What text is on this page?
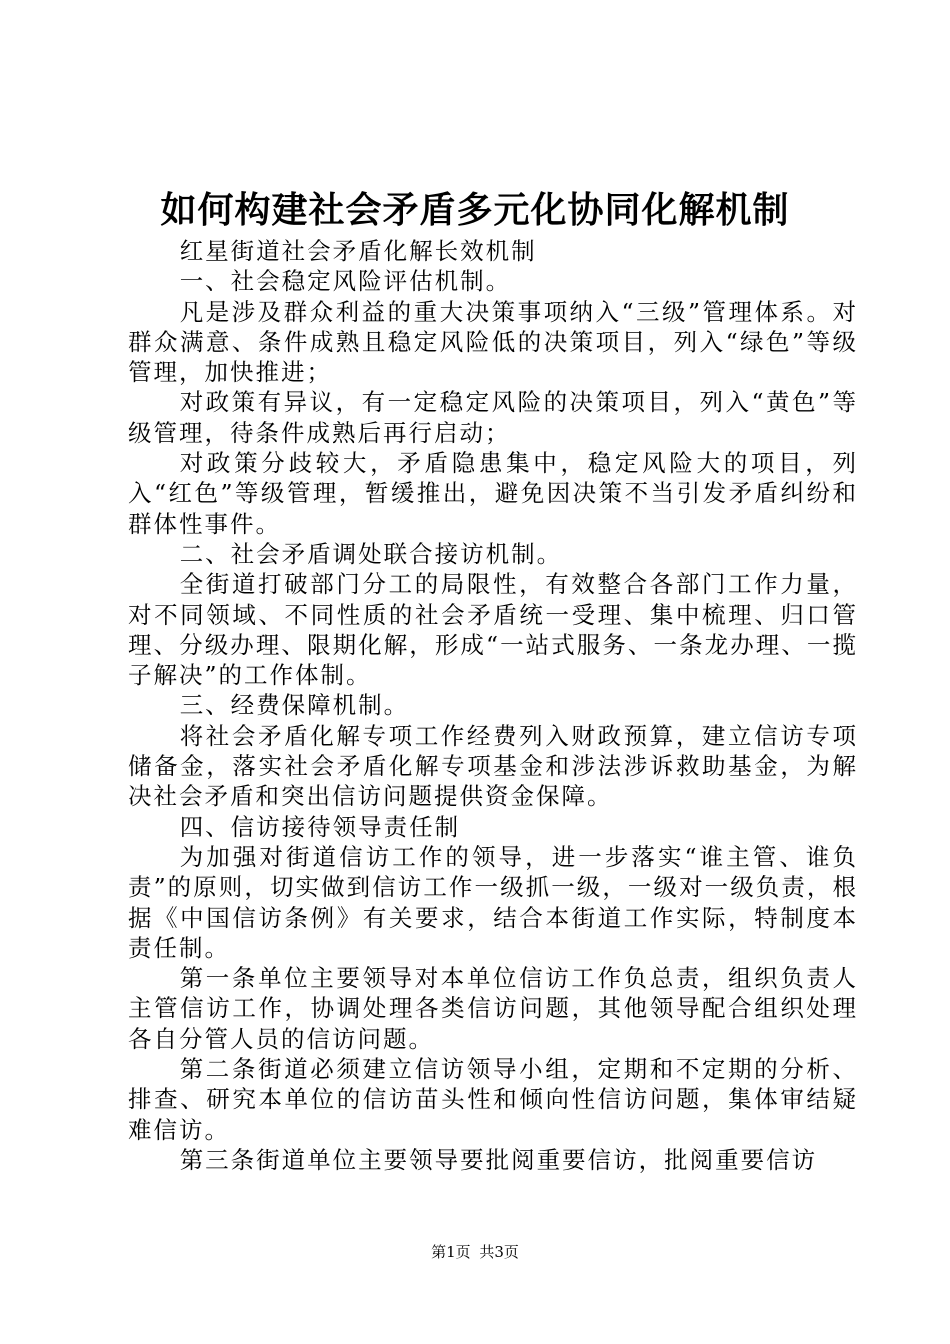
如何构建社会矛盾多元化协同化解机制

红星街道社会矛盾化解长效机制

一、社会稳定风险评估机制。

凡是涉及群众利益的重大决策事项纳入“三级”管理体系。对群众满意、条件成熟且稳定风险低的决策项目，列入“绿色”等级管理，加快推进；

对政策有异议，有一定稳定风险的决策项目，列入“黄色”等级管理，待条件成熟后再行启动；

对政策分歧较大，矛盾隐患集中，稳定风险大的项目，列入“红色”等级管理，暂缓推出，避免因决策不当引发矛盾纠纷和群体性事件。

二、社会矛盾调处联合接访机制。

全街道打破部门分工的局限性，有效整合各部门工作力量，对不同领域、不同性质的社会矛盾统一受理、集中梳理、归口管理、分级办理、限期化解，形成“一站式服务、一条龙办理、一揽子解决”的工作体制。

三、经费保障机制。

将社会矛盾化解专项工作经费列入财政预算，建立信访专项储备金，落实社会矛盾化解专项基金和涉法涉诉救助基金，为解决社会矛盾和突出信访问题提供资金保障。

四、信访接待领导责任制

为加强对街道信访工作的领导，进一步落实“谁主管、谁负责”的原则，切实做到信访工作一级抓一级，一级对一级负责，根据《中国信访条例》有关要求，结合本街道工作实际，特制度本责任制。

第一条单位主要领导对本单位信访工作负总责，组织负责人主管信访工作，协调处理各类信访问题，其他领导配合组织处理各自分管人员的信访问题。

第二条街道必须建立信访领导小组，定期和不定期的分析、排查、研究本单位的信访苗头性和倾向性信访问题，集体审结疑难信访。

第三条街道单位主要领导要批阅重要信访，批阅重要信访

第1页 共3页
